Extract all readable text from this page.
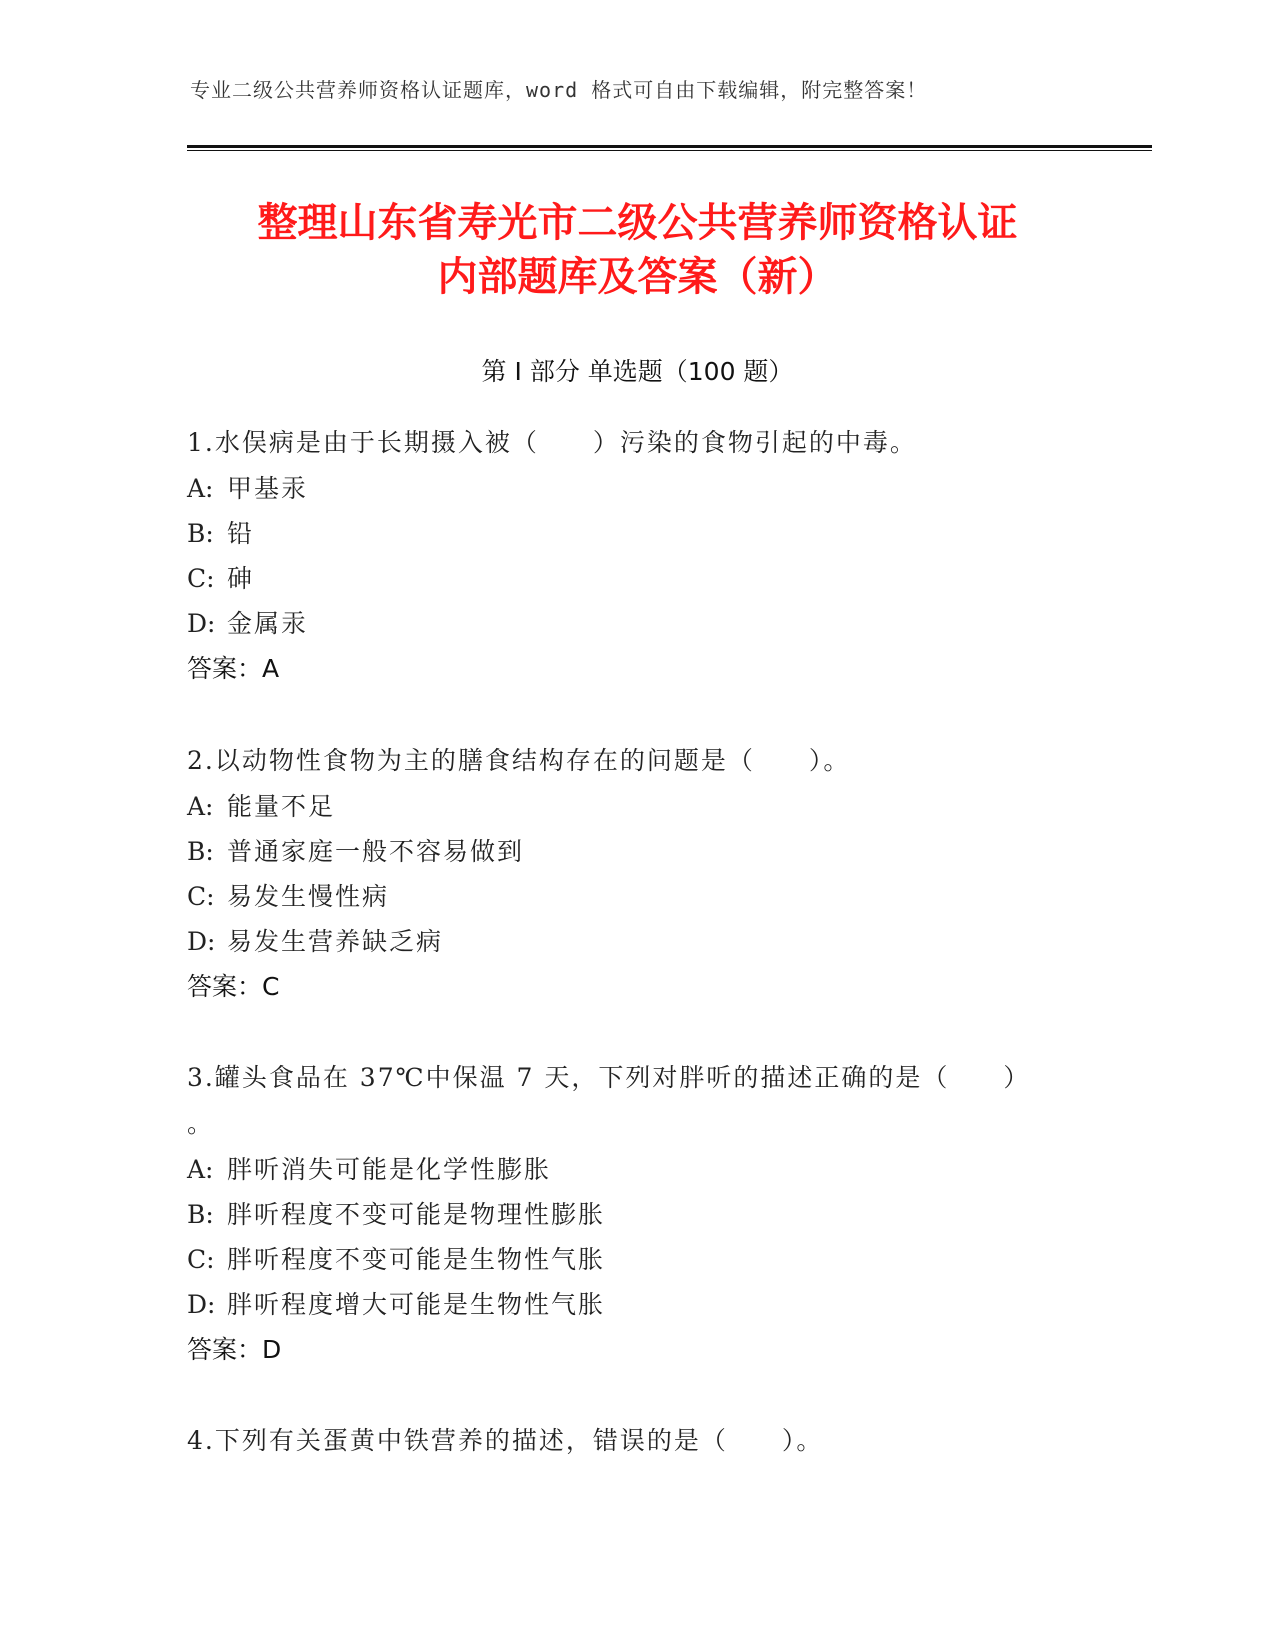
专业二级公共营养师资格认证题库，word 格式可自由下载编辑，附完整答案！
整理山东省寿光市二级公共营养师资格认证
内部题库及答案（新）
第 I 部分 单选题（100 题）
1.水俣病是由于长期摄入被（　　）污染的食物引起的中毒。
A: 甲基汞
B: 铅
C: 砷
D: 金属汞
答案：A
2.以动物性食物为主的膳食结构存在的问题是（　　）。
A: 能量不足
B: 普通家庭一般不容易做到
C: 易发生慢性病
D: 易发生营养缺乏病
答案：C
3.罐头食品在 37℃中保温 7 天，下列对胖听的描述正确的是（　　）
。
A: 胖听消失可能是化学性膨胀
B: 胖听程度不变可能是物理性膨胀
C: 胖听程度不变可能是生物性气胀
D: 胖听程度增大可能是生物性气胀
答案：D
4.下列有关蛋黄中铁营养的描述，错误的是（　　）。
